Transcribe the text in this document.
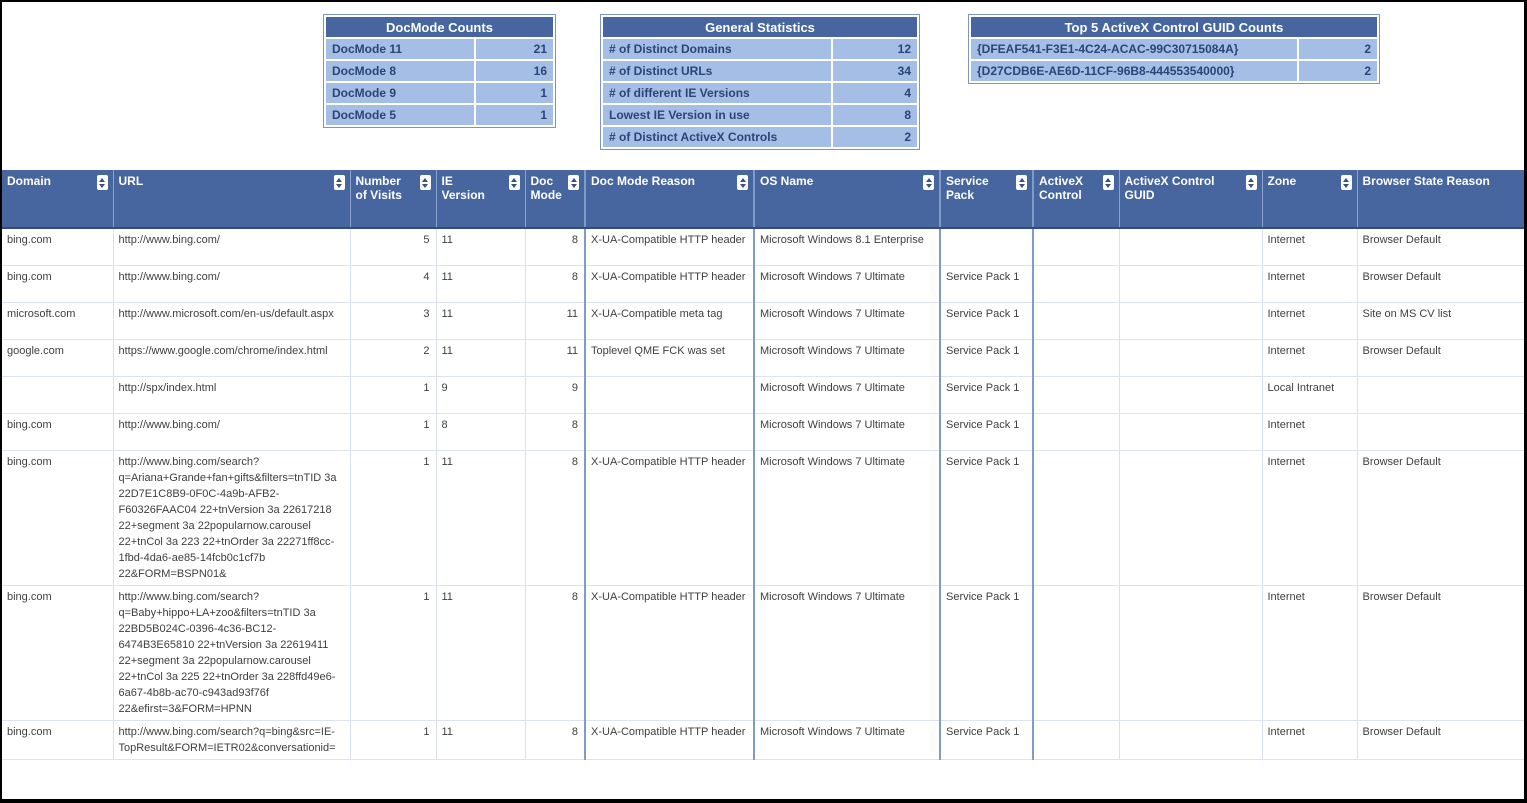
DocMode Counts	
DocMode 11	21
DocMode 8	16
DocMode 9	1
DocMode 5	1
General Statistics	
# of Distinct Domains	12
# of Distinct URLs	34
# of different IE Versions	4
Lowest IE Version in use	8
# of Distinct ActiveX Controls	2
Top 5 ActiveX Control GUID Counts	
{DFEAF541-F3E1-4C24-ACAC-99C30715084A}	2
{D27CDB6E-AE6D-11CF-96B8-444553540000}	2
Domain	URL	Number of Visits	IE Version	Doc Mode	Doc Mode Reason	OS Name	Service Pack	ActiveX Control	ActiveX Control GUID	Zone	Browser State Reason

bing.com	http://www.bing.com/	5	11	8	X-UA-Compatible HTTP header	Microsoft Windows 8.1 Enterprise				Internet	Browser Default
bing.com	http://www.bing.com/	4	11	8	X-UA-Compatible HTTP header	Microsoft Windows 7 Ultimate	Service Pack 1			Internet	Browser Default
microsoft.com	http://www.microsoft.com/en-us/default.aspx	3	11	11	X-UA-Compatible meta tag	Microsoft Windows 7 Ultimate	Service Pack 1			Internet	Site on MS CV list
google.com	https://www.google.com/chrome/index.html	2	11	11	Toplevel QME FCK was set	Microsoft Windows 7 Ultimate	Service Pack 1			Internet	Browser Default
	http://spx/index.html	1	9	9		Microsoft Windows 7 Ultimate	Service Pack 1			Local Intranet	
bing.com	http://www.bing.com/	1	8	8		Microsoft Windows 7 Ultimate	Service Pack 1			Internet	
bing.com	http://www.bing.com/search?q=Ariana+Grande+fan+gifts&filters=tnTID 3a 22D7E1C8B9-0F0C-4a9b-AFB2-F60326FAAC04 22+tnVersion 3a 22617218 22+segment 3a 22popularnow.carousel 22+tnCol 3a 223 22+tnOrder 3a 22271ff8cc-1fbd-4da6-ae85-14fcb0c1cf7b 22&FORM=BSPN01&	1	11	8	X-UA-Compatible HTTP header	Microsoft Windows 7 Ultimate	Service Pack 1			Internet	Browser Default
bing.com	http://www.bing.com/search?q=Baby+hippo+LA+zoo&filters=tnTID 3a 22BD5B024C-0396-4c36-BC12-6474B3E65810 22+tnVersion 3a 22619411 22+segment 3a 22popularnow.carousel 22+tnCol 3a 225 22+tnOrder 3a 228ffd49e6-6a67-4b8b-ac70-c943ad93f76f 22&efirst=3&FORM=HPNN	1	11	8	X-UA-Compatible HTTP header	Microsoft Windows 7 Ultimate	Service Pack 1			Internet	Browser Default
bing.com	http://www.bing.com/search?q=bing&src=IE-TopResult&FORM=IETR02&conversationid=	1	11	8	X-UA-Compatible HTTP header	Microsoft Windows 7 Ultimate	Service Pack 1			Internet	Browser Default
